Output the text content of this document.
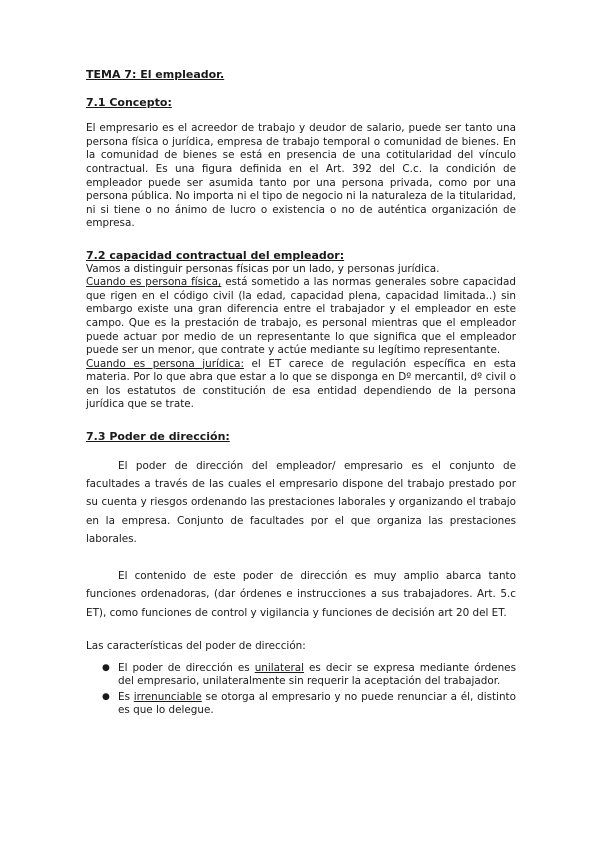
TEMA 7: El empleador.
7.1 Concepto:

El empresario es el acreedor de trabajo y deudor de salario, puede ser tanto una persona física o jurídica, empresa de trabajo temporal o comunidad de bienes. En la comunidad de bienes se está en presencia de una cotitularidad del vínculo contractual. Es una figura definida en el Art. 392 del C.c. la condición de empleador puede ser asumida tanto por una persona privada, como por una persona pública. No importa ni el tipo de negocio ni la naturaleza de la titularidad, ni si tiene o no ánimo de lucro o existencia o no de auténtica organización de empresa.

7.2 capacidad contractual del empleador:

Vamos a distinguir personas físicas por un lado, y personas jurídica.

Cuando es persona física, está sometido a las normas generales sobre capacidad que rigen en el código civil (la edad, capacidad plena, capacidad limitada..) sin embargo existe una gran diferencia entre el trabajador y el empleador en este campo. Que es la prestación de trabajo, es personal mientras que el empleador puede actuar por medio de un representante lo que significa que el empleador puede ser un menor, que contrate y actúe mediante su legítimo representante.

Cuando es persona jurídica: el ET carece de regulación específica en esta materia. Por lo que abra que estar a lo que se disponga en Dº mercantil, dº civil o en los estatutos de constitución de esa entidad dependiendo de la persona jurídica que se trate.

7.3 Poder de dirección:

El poder de dirección del empleador/ empresario es el conjunto de facultades a través de las cuales el empresario dispone del trabajo prestado por su cuenta y riesgos ordenando las prestaciones laborales y organizando el trabajo en la empresa. Conjunto de facultades por el que organiza las prestaciones laborales.

El contenido de este poder de dirección es muy amplio abarca tanto funciones ordenadoras, (dar órdenes e instrucciones a sus trabajadores. Art. 5.c ET), como funciones de control y vigilancia y funciones de decisión art 20 del ET.

Las características del poder de dirección:

● El poder de dirección es unilateral es decir se expresa mediante órdenes del empresario, unilateralmente sin requerir la aceptación del trabajador.
● Es irrenunciable se otorga al empresario y no puede renunciar a él, distinto es que lo delegue.
